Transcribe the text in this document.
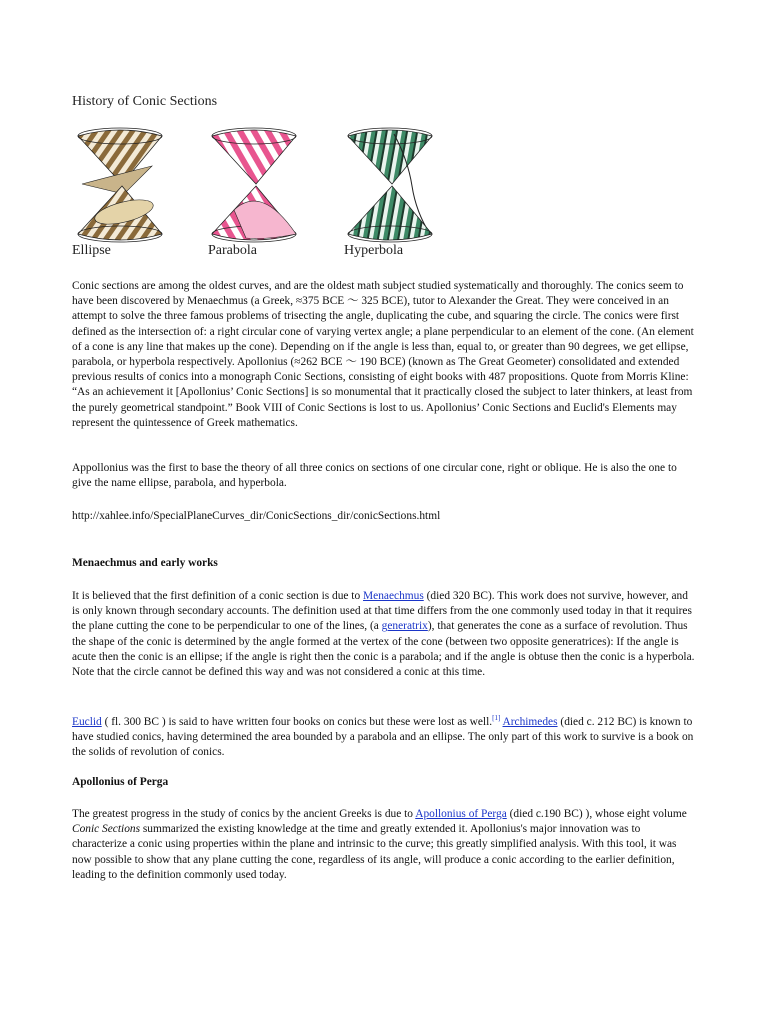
History of Conic Sections
Ellipse	Parabola	Hyperbola

Conic sections are among the oldest curves, and are the oldest math subject studied systematically and thoroughly. The conics seem to have been discovered by Menaechmus (a Greek, ≈375 BCE ～ 325 BCE), tutor to Alexander the Great. They were conceived in an attempt to solve the three famous problems of trisecting the angle, duplicating the cube, and squaring the circle. The conics were first defined as the intersection of: a right circular cone of varying vertex angle; a plane perpendicular to an element of the cone. (An element of a cone is any line that makes up the cone). Depending on if the angle is less than, equal to, or greater than 90 degrees, we get ellipse, parabola, or hyperbola respectively. Apollonius (≈262 BCE ～ 190 BCE) (known as The Great Geometer) consolidated and extended previous results of conics into a monograph Conic Sections, consisting of eight books with 487 propositions. Quote from Morris Kline: “As an achievement it [Apollonius’ Conic Sections] is so monumental that it practically closed the subject to later thinkers, at least from the purely geometrical standpoint.” Book VIII of Conic Sections is lost to us. Apollonius’ Conic Sections and Euclid's Elements may represent the quintessence of Greek mathematics.

Appollonius was the first to base the theory of all three conics on sections of one circular cone, right or oblique. He is also the one to give the name ellipse, parabola, and hyperbola.

http://xahlee.info/SpecialPlaneCurves_dir/ConicSections_dir/conicSections.html

Menaechmus and early works

It is believed that the first definition of a conic section is due to Menaechmus (died 320 BC). This work does not survive, however, and is only known through secondary accounts. The definition used at that time differs from the one commonly used today in that it requires the plane cutting the cone to be perpendicular to one of the lines, (a generatrix), that generates the cone as a surface of revolution. Thus the shape of the conic is determined by the angle formed at the vertex of the cone (between two opposite generatrices): If the angle is acute then the conic is an ellipse; if the angle is right then the conic is a parabola; and if the angle is obtuse then the conic is a hyperbola. Note that the circle cannot be defined this way and was not considered a conic at this time.

Euclid ( fl. 300 BC ) is said to have written four books on conics but these were lost as well.[1] Archimedes (died c. 212 BC) is known to have studied conics, having determined the area bounded by a parabola and an ellipse. The only part of this work to survive is a book on the solids of revolution of conics.

Apollonius of Perga

The greatest progress in the study of conics by the ancient Greeks is due to Apollonius of Perga (died c.190 BC) ), whose eight volume Conic Sections summarized the existing knowledge at the time and greatly extended it. Apollonius's major innovation was to characterize a conic using properties within the plane and intrinsic to the curve; this greatly simplified analysis. With this tool, it was now possible to show that any plane cutting the cone, regardless of its angle, will produce a conic according to the earlier definition, leading to the definition commonly used today.
